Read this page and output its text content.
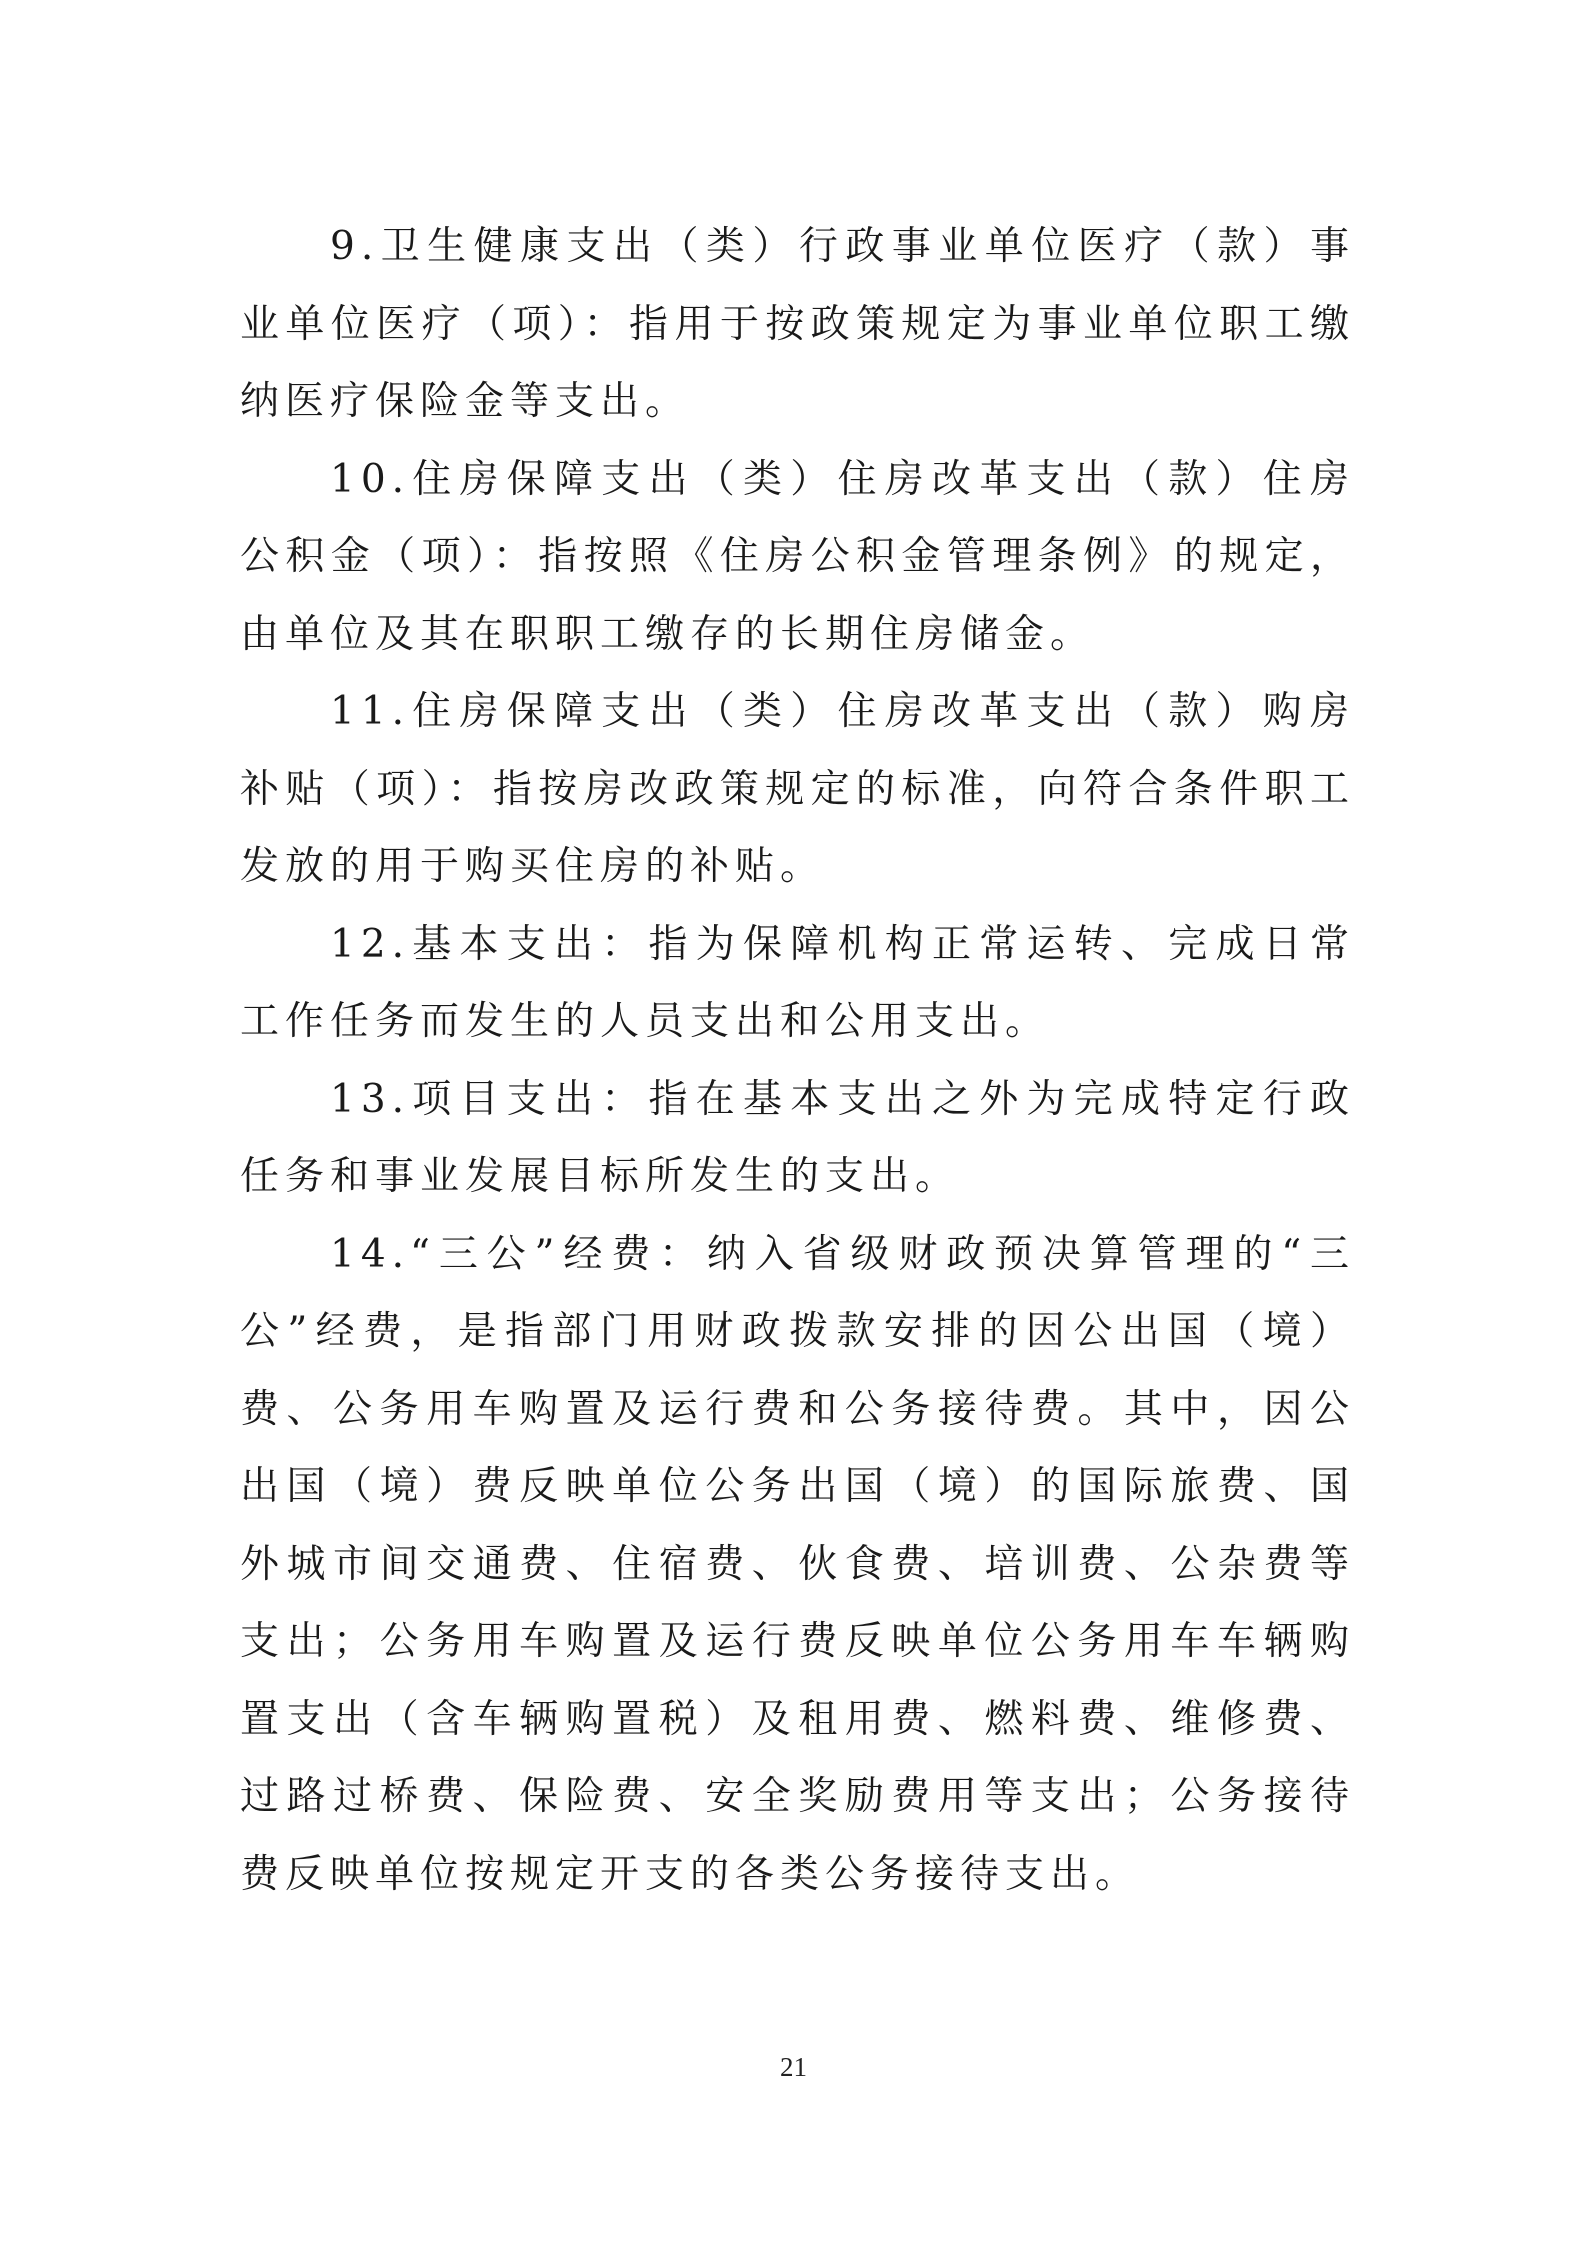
9.卫生健康支出（类）行政事业单位医疗（款）事业单位医疗（项）：指用于按政策规定为事业单位职工缴纳医疗保险金等支出。

10.住房保障支出（类）住房改革支出（款）住房公积金（项）：指按照《住房公积金管理条例》的规定，由单位及其在职职工缴存的长期住房储金。

11.住房保障支出（类）住房改革支出（款）购房补贴（项）：指按房改政策规定的标准，向符合条件职工发放的用于购买住房的补贴。

12.基本支出：指为保障机构正常运转、完成日常工作任务而发生的人员支出和公用支出。

13.项目支出：指在基本支出之外为完成特定行政任务和事业发展目标所发生的支出。

14.“三公”经费：纳入省级财政预决算管理的“三公”经费，是指部门用财政拨款安排的因公出国（境）费、公务用车购置及运行费和公务接待费。其中，因公出国（境）费反映单位公务出国（境）的国际旅费、国外城市间交通费、住宿费、伙食费、培训费、公杂费等支出；公务用车购置及运行费反映单位公务用车车辆购置支出（含车辆购置税）及租用费、燃料费、维修费、过路过桥费、保险费、安全奖励费用等支出；公务接待费反映单位按规定开支的各类公务接待支出。

21
